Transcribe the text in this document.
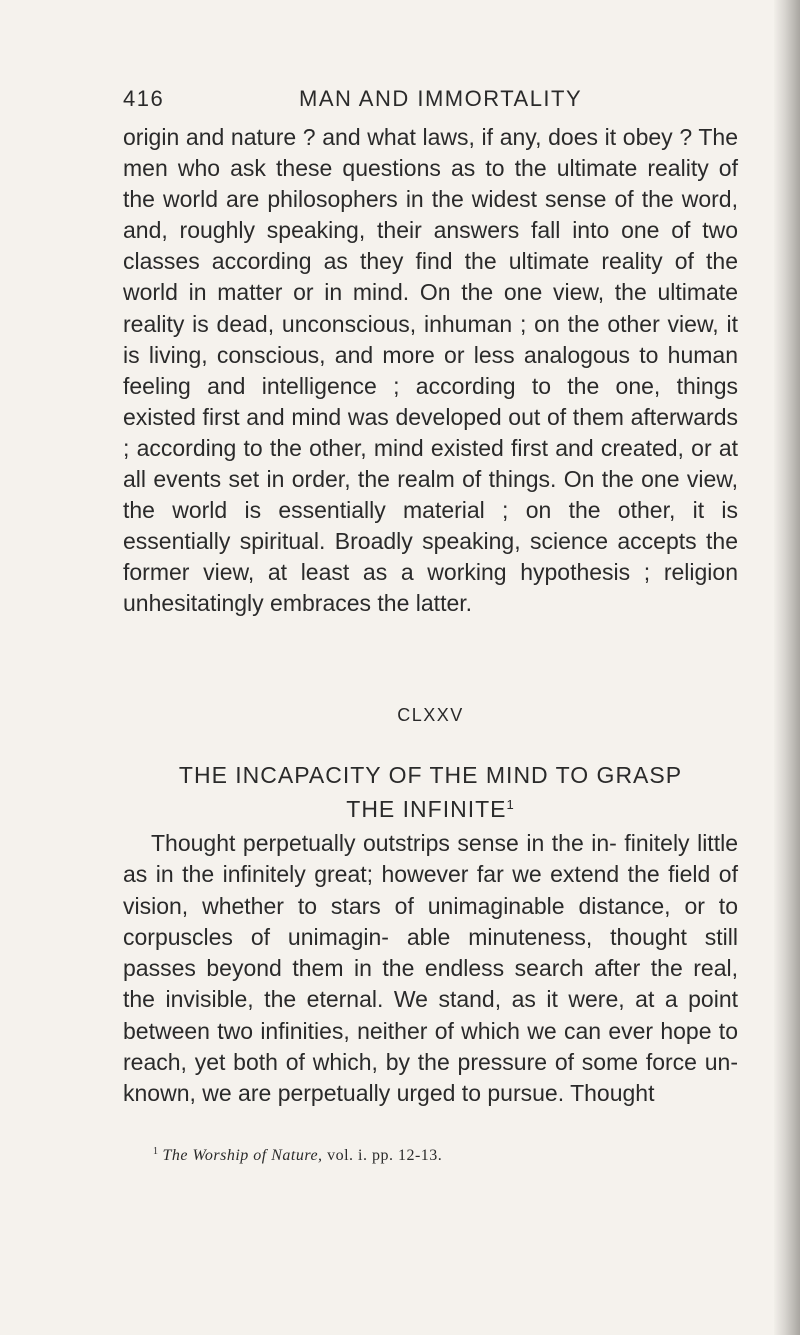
416	MAN AND IMMORTALITY

origin and nature ? and what laws, if any, does it obey ? The men who ask these questions as to the ultimate reality of the world are philosophers in the widest sense of the word, and, roughly speaking, their answers fall into one of two classes according as they find the ultimate reality of the world in matter or in mind. On the one view, the ultimate reality is dead, unconscious, inhuman ; on the other view, it is living, conscious, and more or less analogous to human feeling and intelligence ; according to the one, things existed first and mind was developed out of them afterwards ; according to the other, mind existed first and created, or at all events set in order, the realm of things. On the one view, the world is essentially material ; on the other, it is essentially spiritual. Broadly speaking, science accepts the former view, at least as a working hypothesis ; religion unhesitatingly embraces the latter.

CLXXV
THE INCAPACITY OF THE MIND TO GRASP
THE INFINITE$^1$

Thought perpetually outstrips sense in the in- finitely little as in the infinitely great; however far we extend the field of vision, whether to stars of unimaginable distance, or to corpuscles of unimagin- able minuteness, thought still passes beyond them in the endless search after the real, the invisible, the eternal. We stand, as it were, at a point between two infinities, neither of which we can ever hope to reach, yet both of which, by the pressure of some force un- known, we are perpetually urged to pursue. Thought

$^1$ The Worship of Nature, vol. i. pp. 12-13.
